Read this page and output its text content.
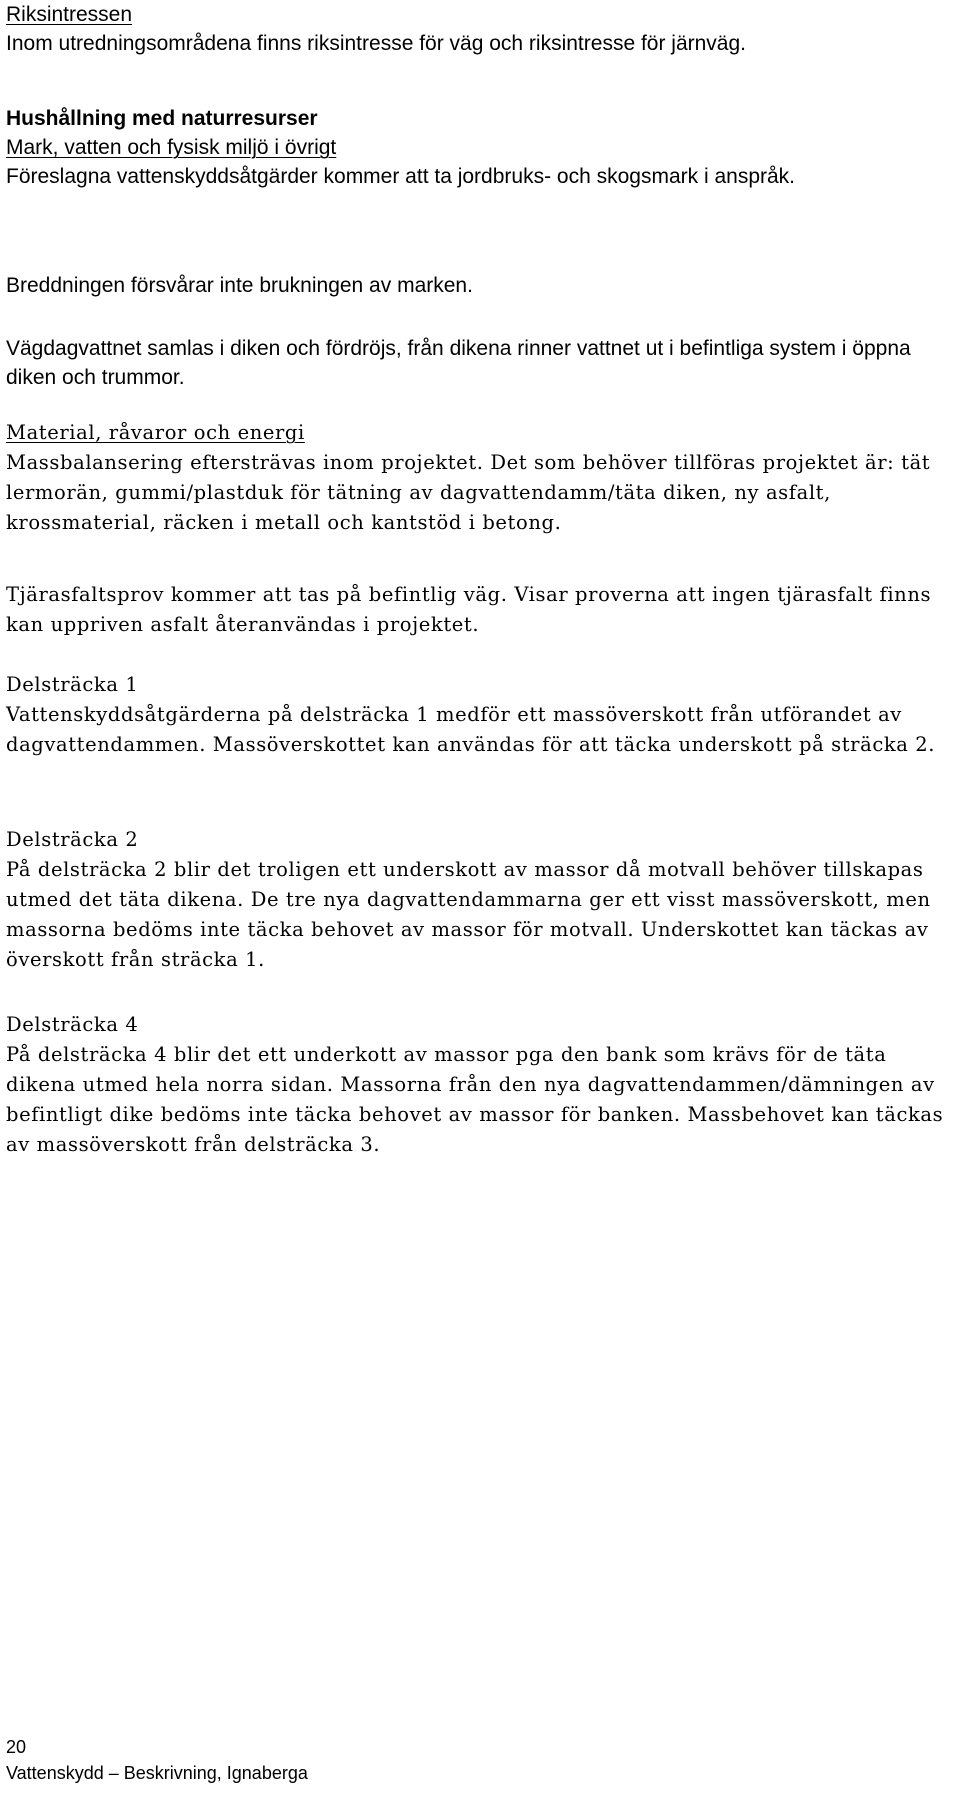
Riksintressen

Inom utredningsområdena finns riksintresse för väg och riksintresse för järnväg.

Hushållning med naturresurser

Mark, vatten och fysisk miljö i övrigt

Föreslagna vattenskyddsåtgärder kommer att ta jordbruks- och skogsmark i anspråk.

Breddningen försvårar inte brukningen av marken.

Vägdagvattnet samlas i diken och fördröjs, från dikena rinner vattnet ut i befintliga system i öppna diken och trummor.

Material, råvaror och energi

Massbalansering eftersträvas inom projektet. Det som behöver tillföras projektet är: tät lermorän, gummi/plastduk för tätning av dagvattendamm/täta diken, ny asfalt, krossmaterial, räcken i metall och kantstöd i betong.

Tjärasfaltsprov kommer att tas på befintlig väg. Visar proverna att ingen tjärasfalt finns kan uppriven asfalt återanvändas i projektet.

Delsträcka 1

Vattenskyddsåtgärderna på delsträcka 1 medför ett massöverskott från utförandet av dagvattendammen. Massöverskottet kan användas för att täcka underskott på sträcka 2.

Delsträcka 2

På delsträcka 2 blir det troligen ett underskott av massor då motvall behöver tillskapas utmed det täta dikena. De tre nya dagvattendammarna ger ett visst massöverskott, men massorna bedöms inte täcka behovet av massor för motvall. Underskottet kan täckas av överskott från sträcka 1.

Delsträcka 4

På delsträcka 4 blir det ett underkott av massor pga den bank som krävs för de täta dikena utmed hela norra sidan. Massorna från den nya dagvattendammen/dämningen av befintligt dike bedöms inte täcka behovet av massor för banken. Massbehovet kan täckas av massöverskott från delsträcka 3.

20
Vattenskydd – Beskrivning, Ignaberga
